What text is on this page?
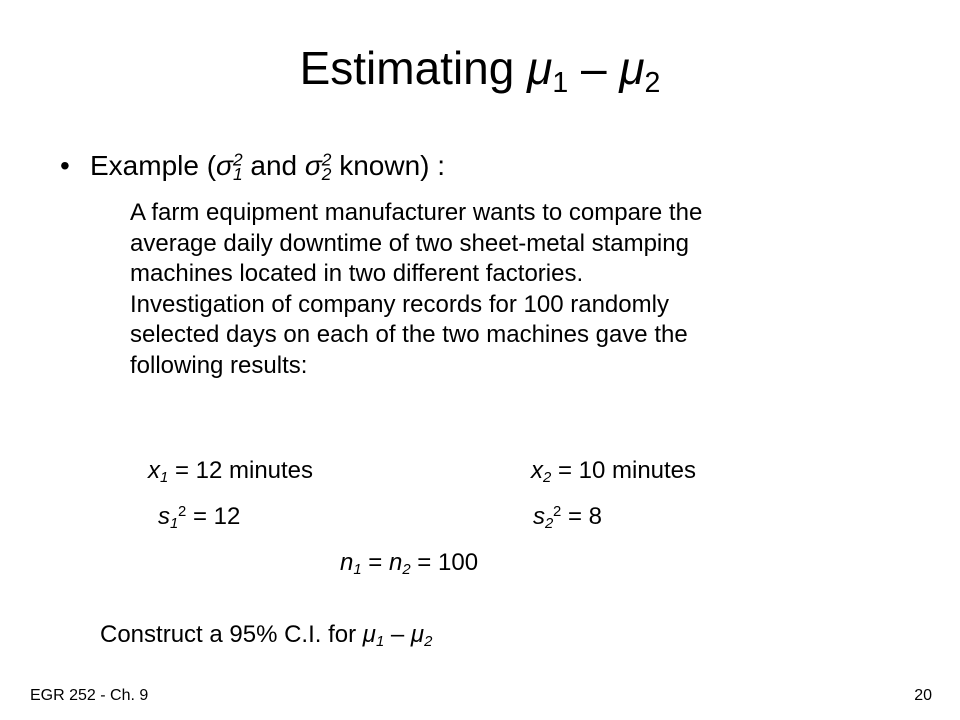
Estimating $\mu_1 - \mu_2$
• Example ($\sigma_1^2$ and $\sigma_2^2$ known) :
A farm equipment manufacturer wants to compare the
average daily downtime of two sheet-metal stamping
machines located in two different factories.
Investigation of company records for 100 randomly
selected days on each of the two machines gave the
following results:
$x_1 = 12$ minutes	$x_2 = 10$ minutes
$s_1^2 = 12$	$s_2^2 = 8$
$n_1 = n_2 = 100$
Construct a 95% C.I. for $\mu_1 - \mu_2$
EGR 252 - Ch. 9	20
